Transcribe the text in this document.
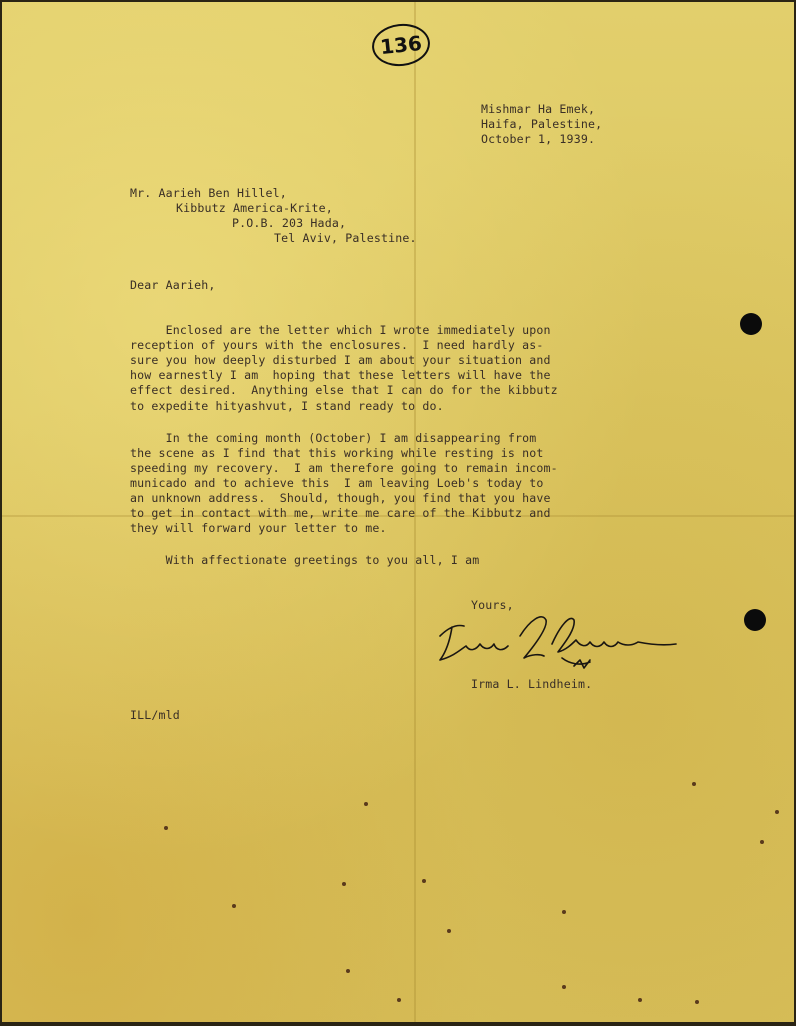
136
Mishmar Ha Emek,
Haifa, Palestine,
October 1, 1939.
Mr. Aarieh Ben Hillel,
Kibbutz America-Krite,
P.O.B. 203 Hada,
Tel Aviv, Palestine.
Dear Aarieh,
Enclosed are the letter which I wrote immediately upon
reception of yours with the enclosures.  I need hardly as-
sure you how deeply disturbed I am about your situation and
how earnestly I am  hoping that these letters will have the
effect desired.  Anything else that I can do for the kibbutz
to expedite hityashvut, I stand ready to do.
In the coming month (October) I am disappearing from
the scene as I find that this working while resting is not
speeding my recovery.  I am therefore going to remain incom-
municado and to achieve this  I am leaving Loeb's today to
an unknown address.  Should, though, you find that you have
to get in contact with me, write me care of the Kibbutz and
they will forward your letter to me.
With affectionate greetings to you all, I am
Yours,
Irma L. Lindheim.
ILL/mld
